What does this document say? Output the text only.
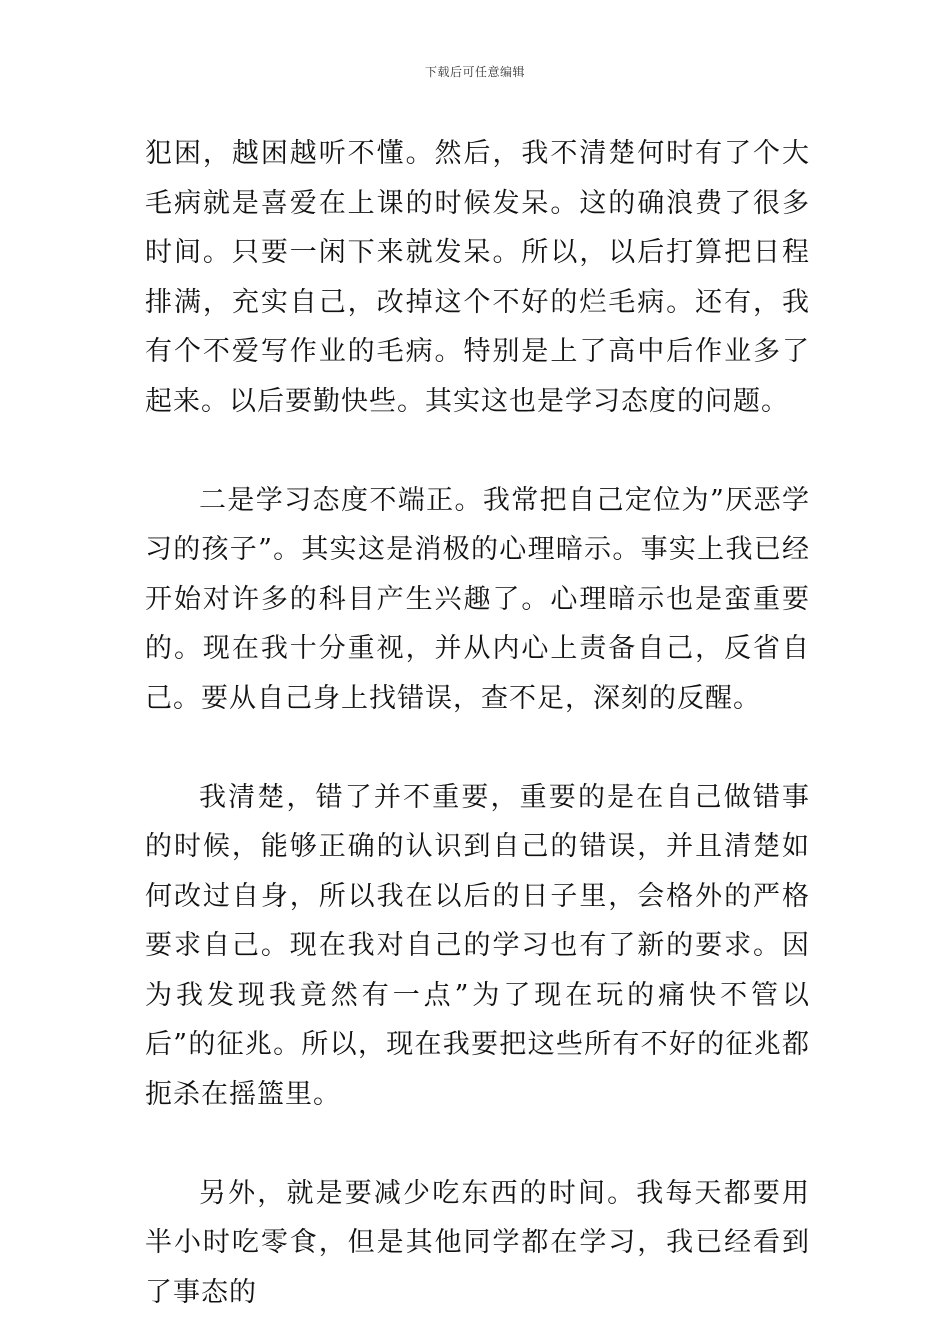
下载后可任意编辑

犯困，越困越听不懂。然后，我不清楚何时有了个大毛病就是喜爱在上课的时候发呆。这的确浪费了很多时间。只要一闲下来就发呆。所以，以后打算把日程排满，充实自己，改掉这个不好的烂毛病。还有，我有个不爱写作业的毛病。特别是上了高中后作业多了起来。以后要勤快些。其实这也是学习态度的问题。

二是学习态度不端正。我常把自己定位为”厌恶学习的孩子”。其实这是消极的心理暗示。事实上我已经开始对许多的科目产生兴趣了。心理暗示也是蛮重要的。现在我十分重视，并从内心上责备自己，反省自己。要从自己身上找错误，查不足，深刻的反醒。

我清楚，错了并不重要，重要的是在自己做错事的时候，能够正确的认识到自己的错误，并且清楚如何改过自身，所以我在以后的日子里，会格外的严格要求自己。现在我对自己的学习也有了新的要求。因为我发现我竟然有一点”为了现在玩的痛快不管以后”的征兆。所以，现在我要把这些所有不好的征兆都扼杀在摇篮里。

另外，就是要减少吃东西的时间。我每天都要用半小时吃零食，但是其他同学都在学习，我已经看到了事态的
